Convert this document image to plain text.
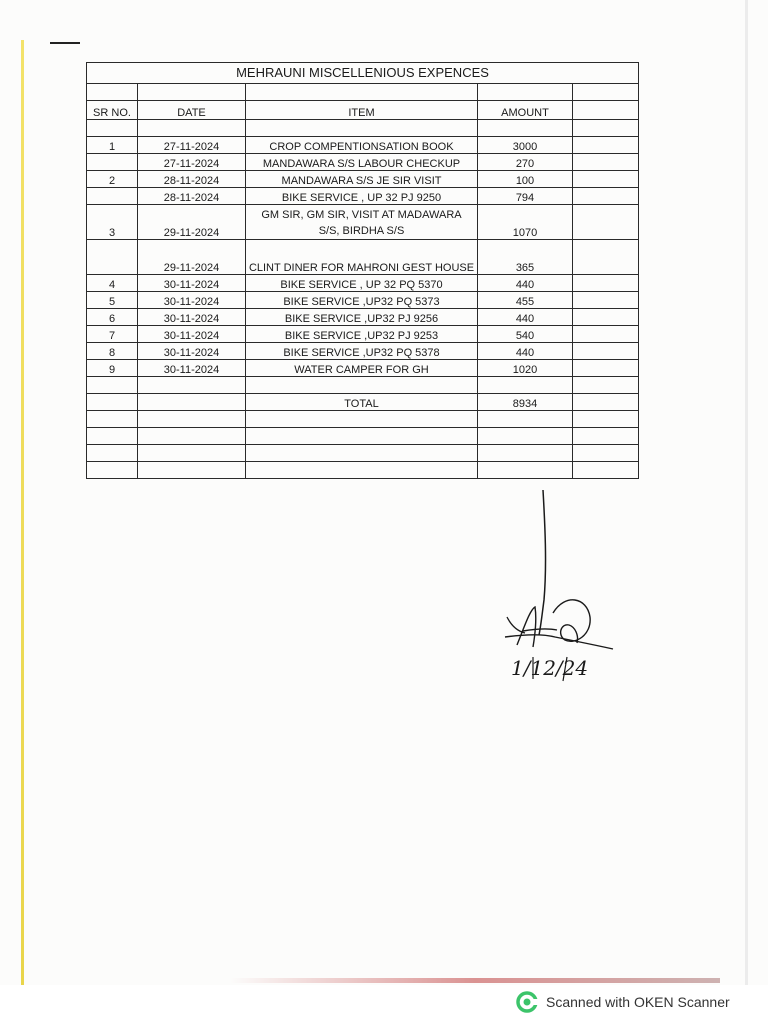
MEHRAUNI MISCELLENIOUS EXPENCES				

SR NO.	DATE	ITEM	AMOUNT	

1	27-11-2024	CROP COMPENTIONSATION BOOK	3000	
	27-11-2024	MANDAWARA S/S LABOUR CHECKUP	270	
2	28-11-2024	MANDAWARA S/S JE SIR VISIT	100	
	28-11-2024	BIKE SERVICE , UP 32 PJ 9250	794	
3	29-11-2024	GM SIR, GM SIR, VISIT AT MADAWARA
S/S, BIRDHA S/S	1070	
	29-11-2024	CLINT DINER FOR MAHRONI GEST HOUSE	365	
4	30-11-2024	BIKE SERVICE , UP 32 PQ 5370	440	
5	30-11-2024	BIKE SERVICE ,UP32 PQ 5373	455	
6	30-11-2024	BIKE SERVICE ,UP32 PJ 9256	440	
7	30-11-2024	BIKE SERVICE ,UP32 PJ 9253	540	
8	30-11-2024	BIKE SERVICE ,UP32 PQ 5378	440	
9	30-11-2024	WATER CAMPER FOR GH	1020	

		TOTAL	8934	

1/12/24
Scanned with OKEN Scanner
